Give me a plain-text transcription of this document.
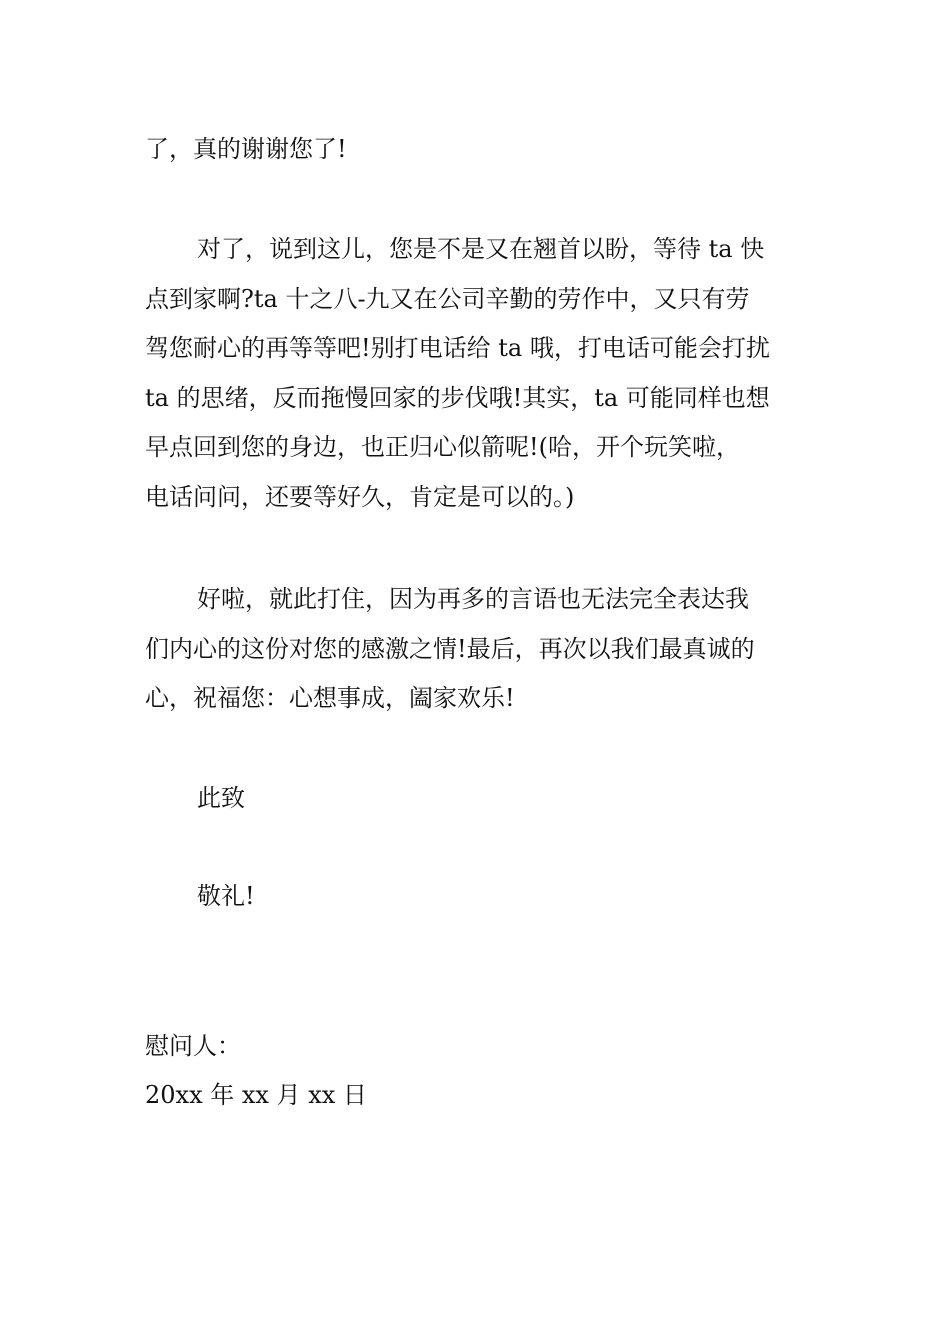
了，真的谢谢您了!
对了，说到这儿，您是不是又在翘首以盼，等待 ta 快
点到家啊?ta 十之八-九又在公司辛勤的劳作中，又只有劳
驾您耐心的再等等吧!别打电话给 ta 哦，打电话可能会打扰
ta 的思绪，反而拖慢回家的步伐哦!其实，ta 可能同样也想
早点回到您的身边，也正归心似箭呢!(哈，开个玩笑啦，
电话问问，还要等好久，肯定是可以的。)
好啦，就此打住，因为再多的言语也无法完全表达我
们内心的这份对您的感激之情!最后，再次以我们最真诚的
心，祝福您：心想事成，阖家欢乐!
此致
敬礼!
慰问人：
20xx 年 xx 月 xx 日
